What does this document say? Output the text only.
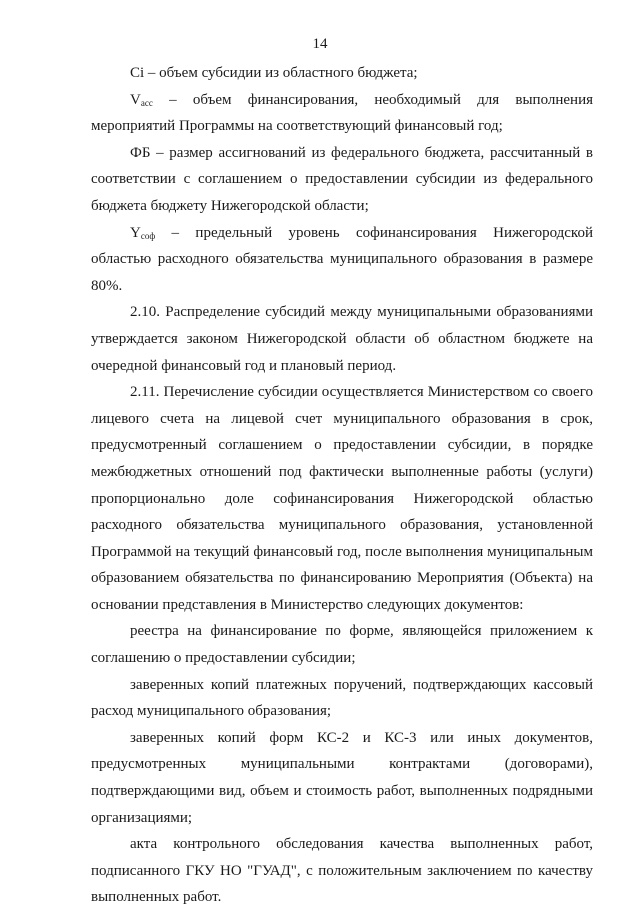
14

Ci – объем субсидии из областного бюджета;

$V_{асс}$ – объем финансирования, необходимый для выполнения мероприятий Программы на соответствующий финансовый год;

ФБ – размер ассигнований из федерального бюджета, рассчитанный в соответствии с соглашением о предоставлении субсидии из федерального бюджета бюджету Нижегородской области;

$Y_{соф}$ – предельный уровень софинансирования Нижегородской областью расходного обязательства муниципального образования в размере 80%.

2.10. Распределение субсидий между муниципальными образованиями утверждается законом Нижегородской области об областном бюджете на очередной финансовый год и плановый период.

2.11. Перечисление субсидии осуществляется Министерством со своего лицевого счета на лицевой счет муниципального образования в срок, предусмотренный соглашением о предоставлении субсидии, в порядке межбюджетных отношений под фактически выполненные работы (услуги) пропорционально доле софинансирования Нижегородской областью расходного обязательства муниципального образования, установленной Программой на текущий финансовый год, после выполнения муниципальным образованием обязательства по финансированию Мероприятия (Объекта) на основании представления в Министерство следующих документов:

реестра на финансирование по форме, являющейся приложением к соглашению о предоставлении субсидии;

заверенных копий платежных поручений, подтверждающих кассовый расход муниципального образования;

заверенных копий форм КС-2 и КС-3 или иных документов, предусмотренных муниципальными контрактами (договорами), подтверждающими вид, объем и стоимость работ, выполненных подрядными организациями;

акта контрольного обследования качества выполненных работ, подписанного ГКУ НО "ГУАД", с положительным заключением по качеству выполненных работ.
